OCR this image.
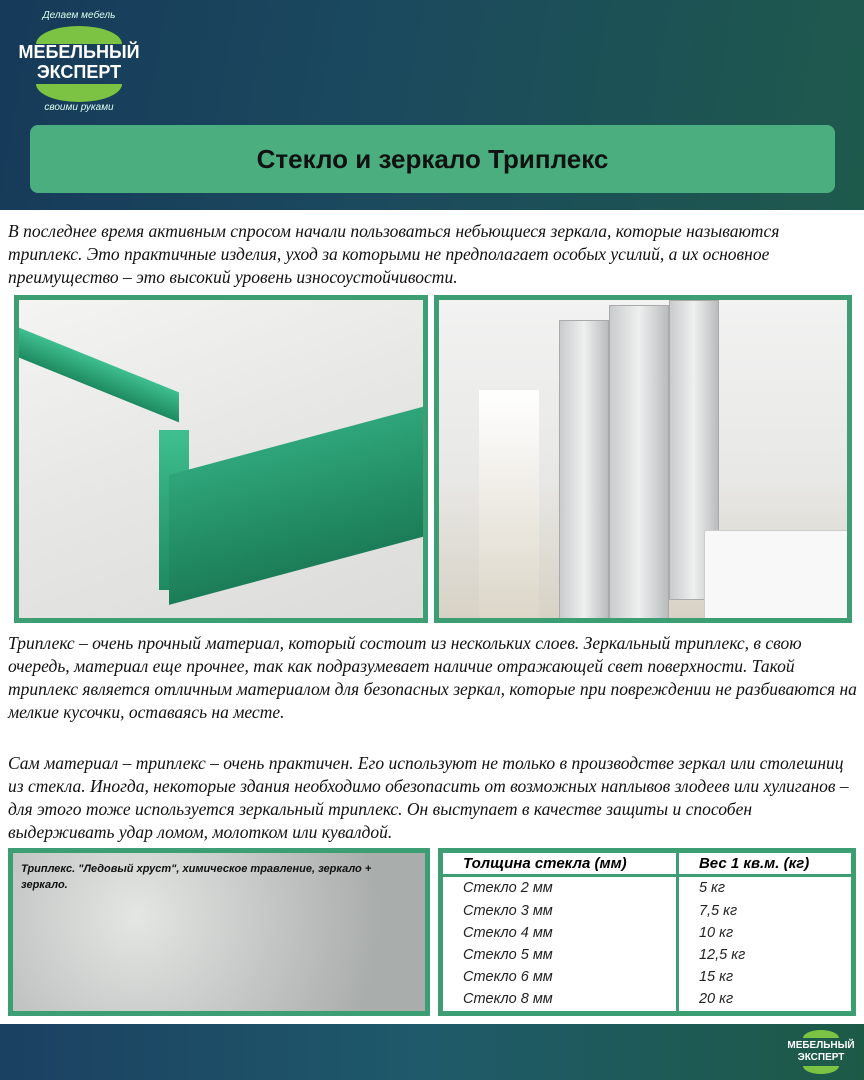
Делаем мебель
МЕБЕЛЬНЫЙ
ЭКСПЕРТ
своими руками
Стекло и зеркало Триплекс
В последнее время активным спросом начали пользоваться небьющиеся зеркала, которые называются триплекс. Это практичные изделия, уход за которыми не предполагает особых усилий, а их основное преимущество – это высокий уровень износоустойчивости.
Триплекс – очень прочный материал, который состоит из нескольких слоев. Зеркальный триплекс, в свою очередь, материал еще прочнее, так как подразумевает наличие отражающей свет поверхности. Такой триплекс является отличным материалом для безопасных зеркал, которые при повреждении не разбиваются на мелкие кусочки, оставаясь на месте.
Сам материал – триплекс – очень практичен. Его используют не только в производстве зеркал или столешниц из стекла. Иногда, некоторые здания необходимо обезопасить от возможных наплывов злодеев или хулиганов – для этого тоже используется зеркальный триплекс. Он выступает в качестве защиты и способен выдерживать удар ломом, молотком или кувалдой.
Триплекс. "Ледовый хруст", химическое травление, зеркало + зеркало.
Толщина стекла (мм)	Вес 1 кв.м. (кг)
Стекло 2 мм	5 кг
Стекло 3 мм	7,5 кг
Стекло 4 мм	10 кг
Стекло 5 мм	12,5 кг
Стекло 6 мм	15 кг
Стекло 8 мм	20 кг
МЕБЕЛЬНЫЙ
ЭКСПЕРТ
